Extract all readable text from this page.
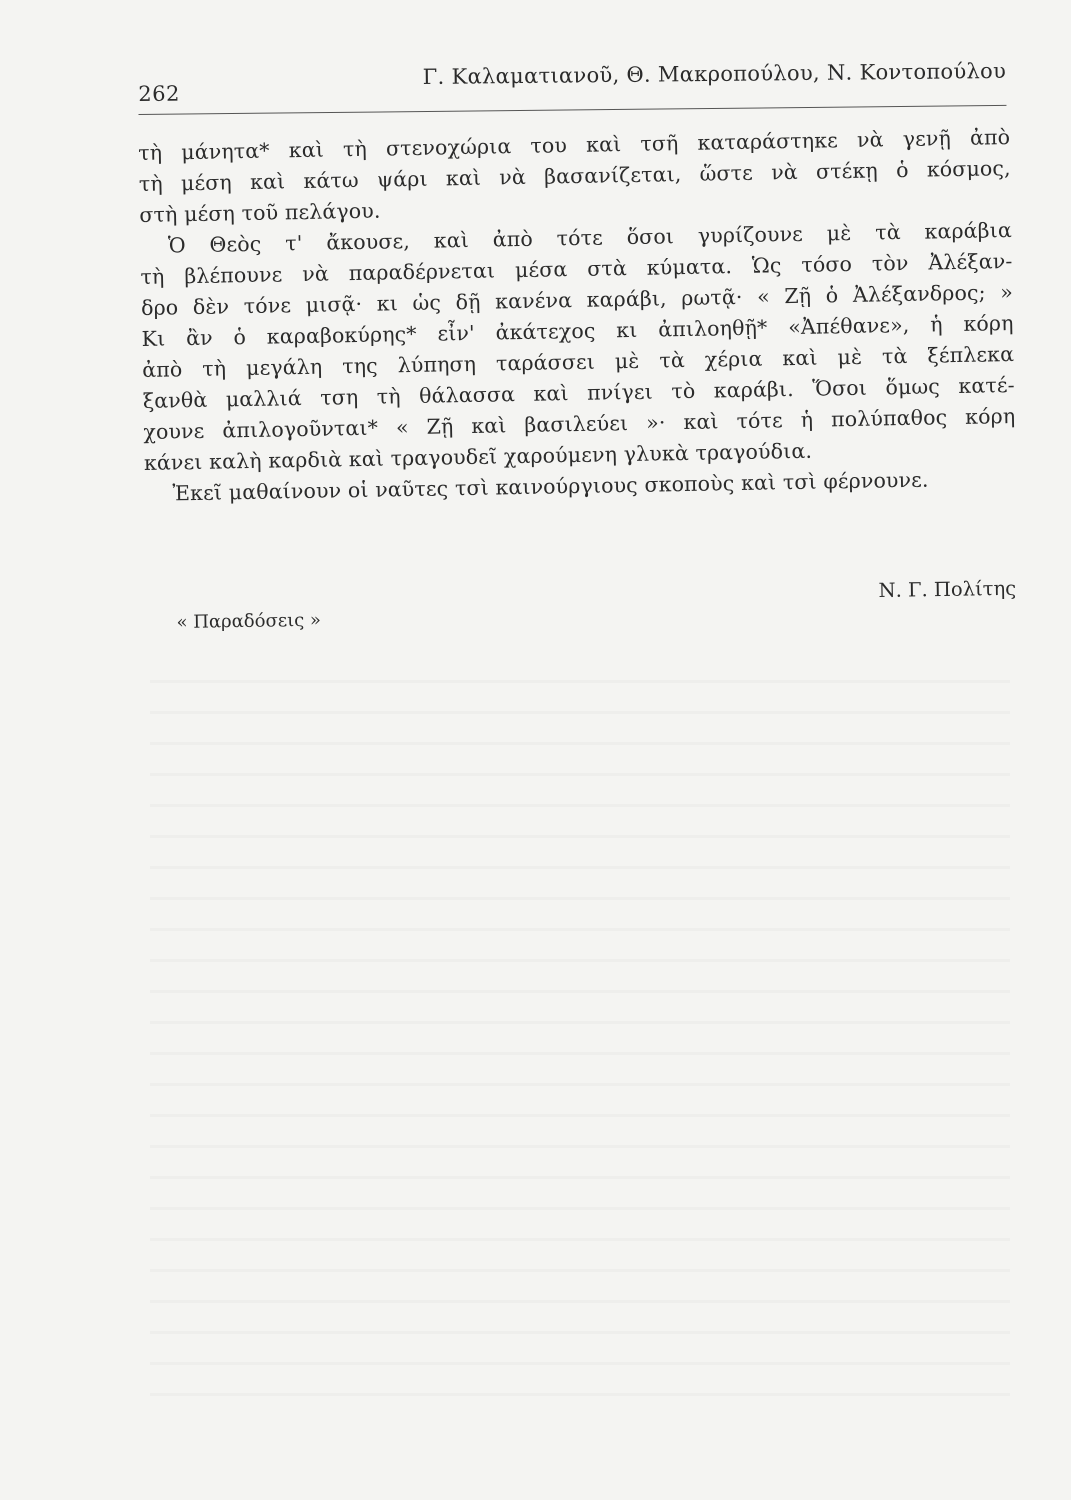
262
Γ. Καλαματιανοῦ, Θ. Μακροπούλου, Ν. Κοντοπούλου
τὴ μάνητα* καὶ τὴ στενοχώρια του καὶ τσῆ καταράστηκε νὰ γενῇ ἀπὸ
τὴ μέση καὶ κάτω ψάρι καὶ νὰ βασανίζεται, ὥστε νὰ στέκῃ ὁ κόσμος,
στὴ μέση τοῦ πελάγου.
Ὁ Θεὸς τ' ἄκουσε, καὶ ἀπὸ τότε ὅσοι γυρίζουνε μὲ τὰ καράβια
τὴ βλέπουνε νὰ παραδέρνεται μέσα στὰ κύματα. Ὡς τόσο τὸν Ἀλέξαν-
δρο δὲν τόνε μισᾷ· κι ὡς δῇ κανένα καράβι, ρωτᾷ· « Ζῇ ὁ Ἀλέξανδρος; »
Κι ἂν ὁ καραβοκύρης* εἶν' ἀκάτεχος κι ἀπιλοηθῇ* «Ἀπέθανε», ἡ κόρη
ἀπὸ τὴ μεγάλη της λύπηση ταράσσει μὲ τὰ χέρια καὶ μὲ τὰ ξέπλεκα
ξανθὰ μαλλιά τση τὴ θάλασσα καὶ πνίγει τὸ καράβι. Ὅσοι ὅμως κατέ-
χουνε ἀπιλογοῦνται* « Ζῇ καὶ βασιλεύει »· καὶ τότε ἡ πολύπαθος κόρη
κάνει καλὴ καρδιὰ καὶ τραγουδεῖ χαρούμενη γλυκὰ τραγούδια.
Ἐκεῖ μαθαίνουν οἱ ναῦτες τσὶ καινούργιους σκοποὺς καὶ τσὶ φέρνουνε.
« Παραδόσεις »
Ν. Γ. Πολίτης
